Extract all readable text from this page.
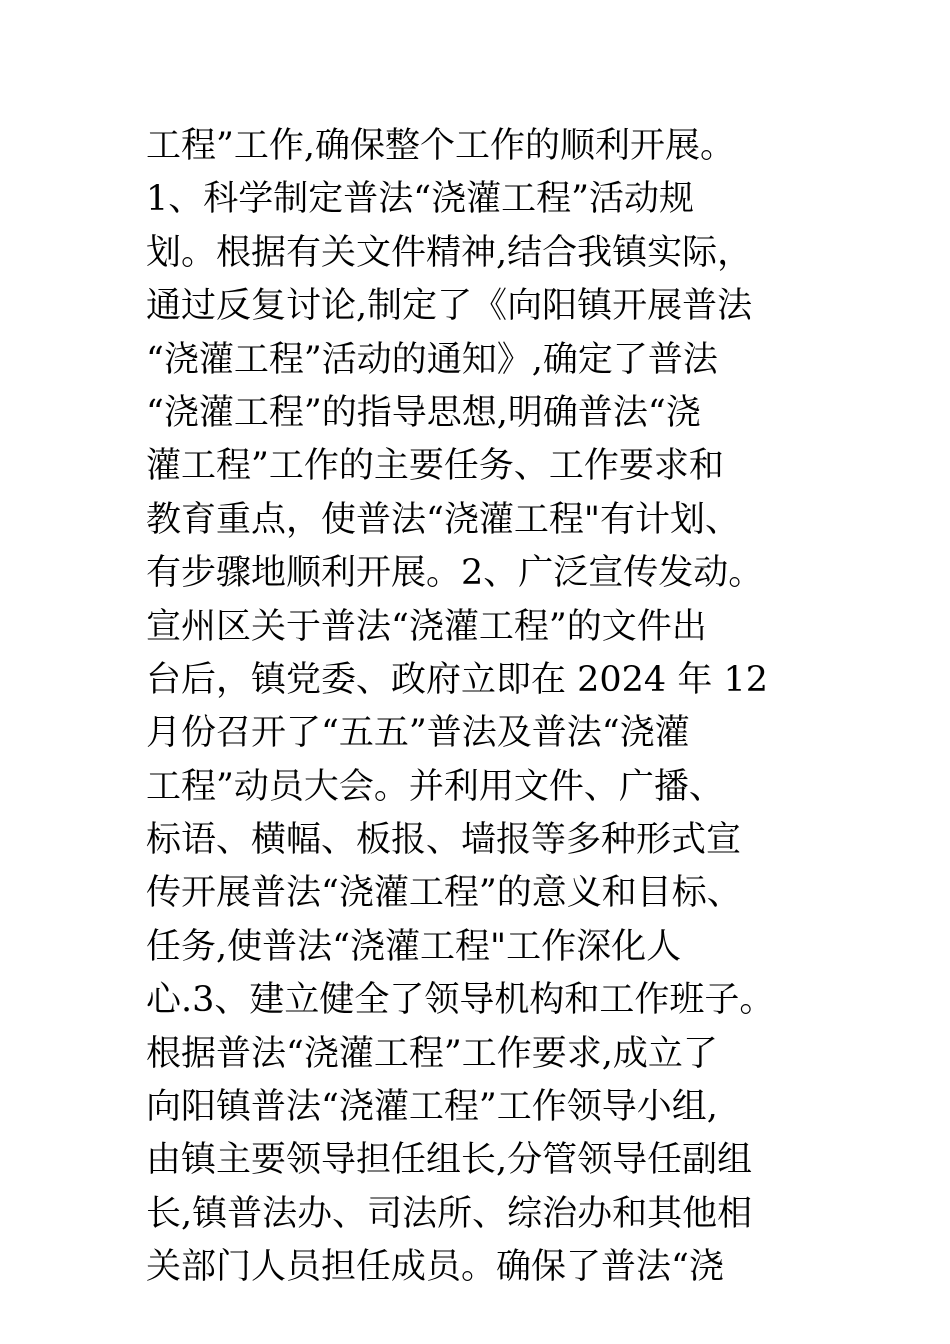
工程”工作,确保整个工作的顺利开展。
1、科学制定普法“浇灌工程”活动规
划。根据有关文件精神,结合我镇实际，
通过反复讨论,制定了《向阳镇开展普法
“浇灌工程”活动的通知》,确定了普法
“浇灌工程”的指导思想,明确普法“浇
灌工程”工作的主要任务、工作要求和
教育重点，使普法“浇灌工程"有计划、
有步骤地顺利开展。2、广泛宣传发动。
宣州区关于普法“浇灌工程”的文件出
台后，镇党委、政府立即在 2024 年 12
月份召开了“五五”普法及普法“浇灌
工程”动员大会。并利用文件、广播、
标语、横幅、板报、墙报等多种形式宣
传开展普法“浇灌工程”的意义和目标、
任务,使普法“浇灌工程"工作深化人
心.3、建立健全了领导机构和工作班子。
根据普法“浇灌工程”工作要求,成立了
向阳镇普法“浇灌工程”工作领导小组,
由镇主要领导担任组长,分管领导任副组
长,镇普法办、司法所、综治办和其他相
关部门人员担任成员。确保了普法“浇
